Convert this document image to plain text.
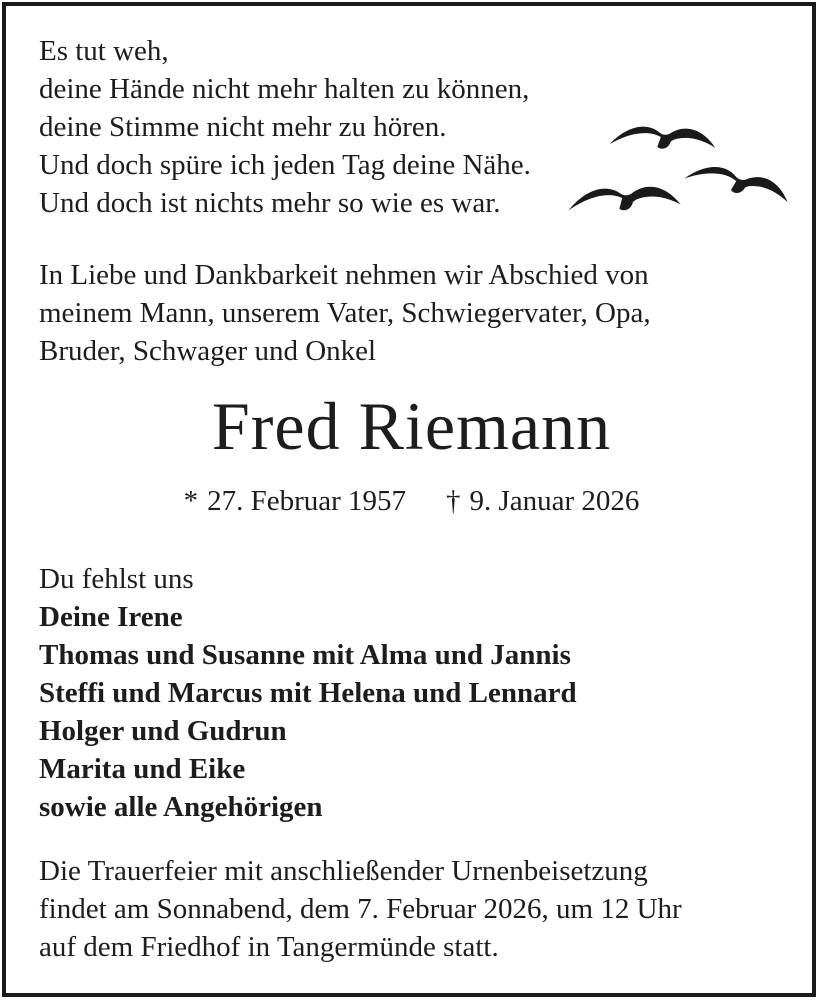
Es tut weh,
deine Hände nicht mehr halten zu können,
deine Stimme nicht mehr zu hören.
Und doch spüre ich jeden Tag deine Nähe.
Und doch ist nichts mehr so wie es war.
In Liebe und Dankbarkeit nehmen wir Abschied von
meinem Mann, unserem Vater, Schwiegervater, Opa,
Bruder, Schwager und Onkel
Fred Riemann
* 27. Februar 1957 † 9. Januar 2026
Du fehlst uns
Deine Irene
Thomas und Susanne mit Alma und Jannis
Steffi und Marcus mit Helena und Lennard
Holger und Gudrun
Marita und Eike
sowie alle Angehörigen
Die Trauerfeier mit anschließender Urnenbeisetzung
findet am Sonnabend, dem 7. Februar 2026, um 12 Uhr
auf dem Friedhof in Tangermünde statt.
